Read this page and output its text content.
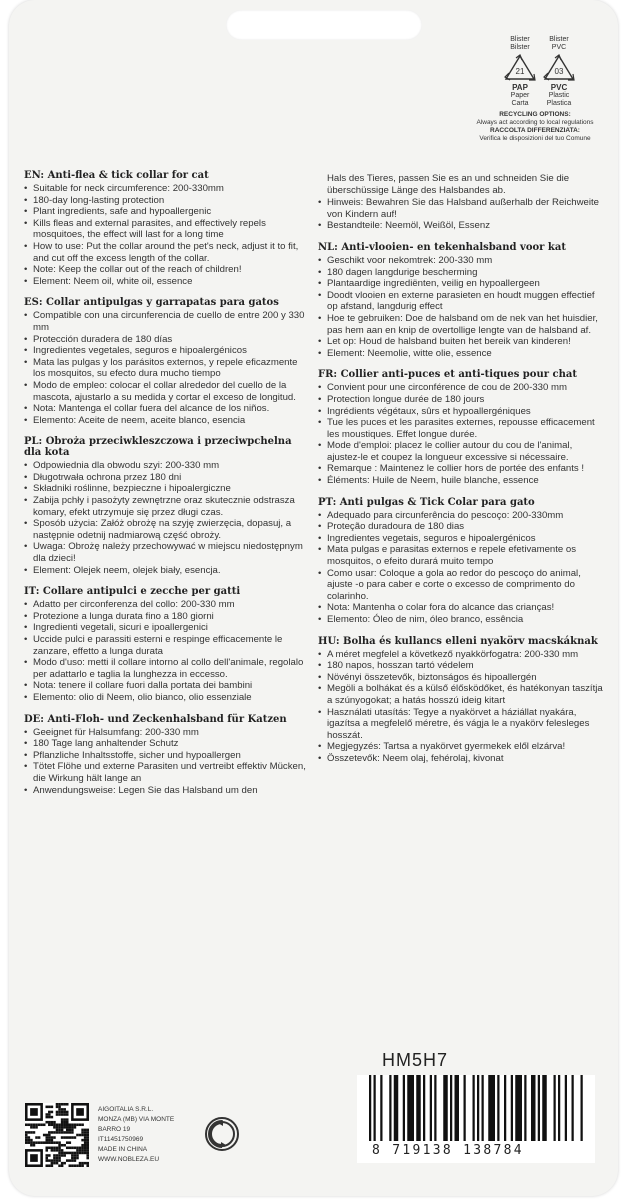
Blister
Bilster
21
PAP
Paper
Carta
Blister
PVC
03
PVC
Plastic
Plastica
RECYCLING OPTIONS:
Always act according to local regulations
RACCOLTA DIFFERENZIATA:
Verifica le disposizioni del tuo Comune
EN: Anti-flea & tick collar for cat
• Suitable for neck circumference: 200-330mm
• 180-day long-lasting protection
• Plant ingredients, safe and hypoallergenic
• Kills fleas and external parasites, and effectively repels mosquitoes, the effect will last for a long time
• How to use: Put the collar around the pet's neck, adjust it to fit, and cut off the excess length of the collar.
• Note: Keep the collar out of the reach of children!
• Element: Neem oil, white oil, essence
ES: Collar antipulgas y garrapatas para gatos
• Compatible con una circunferencia de cuello de entre 200 y 330 mm
• Protección duradera de 180 días
• Ingredientes vegetales, seguros e hipoalergénicos
• Mata las pulgas y los parásitos externos, y repele eficazmente los mosquitos, su efecto dura mucho tiempo
• Modo de empleo: colocar el collar alrededor del cuello de la mascota, ajustarlo a su medida y cortar el exceso de longitud.
• Nota: Mantenga el collar fuera del alcance de los niños.
• Elemento: Aceite de neem, aceite blanco, esencia
PL: Obroża przeciwkleszczowa i przeciwpchelna dla kota
• Odpowiednia dla obwodu szyi: 200-330 mm
• Długotrwała ochrona przez 180 dni
• Składniki roślinne, bezpieczne i hipoalergiczne
• Zabija pchły i pasożyty zewnętrzne oraz skutecznie odstrasza komary, efekt utrzymuje się przez długi czas.
• Sposób użycia: Załóż obrożę na szyję zwierzęcia, dopasuj, a następnie odetnij nadmiarową część obroży.
• Uwaga: Obrożę należy przechowywać w miejscu niedostępnym dla dzieci!
• Element: Olejek neem, olejek biały, esencja.
IT: Collare antipulci e zecche per gatti
• Adatto per circonferenza del collo: 200-330 mm
• Protezione a lunga durata fino a 180 giorni
• Ingredienti vegetali, sicuri e ipoallergenici
• Uccide pulci e parassiti esterni e respinge efficacemente le zanzare, effetto a lunga durata
• Modo d'uso: metti il collare intorno al collo dell'animale, regolalo per adattarlo e taglia la lunghezza in eccesso.
• Nota: tenere il collare fuori dalla portata dei bambini
• Elemento: olio di Neem, olio bianco, olio essenziale
DE: Anti-Floh- und Zeckenhalsband für Katzen
• Geeignet für Halsumfang: 200-330 mm
• 180 Tage lang anhaltender Schutz
• Pflanzliche Inhaltsstoffe, sicher und hypoallergen
• Tötet Flöhe und externe Parasiten und vertreibt effektiv Mücken, die Wirkung hält lange an
• Anwendungsweise: Legen Sie das Halsband um den
Hals des Tieres, passen Sie es an und schneiden Sie die überschüssige Länge des Halsbandes ab.
• Hinweis: Bewahren Sie das Halsband außerhalb der Reichweite von Kindern auf!
• Bestandteile: Neemöl, Weißöl, Essenz
NL: Anti-vlooien- en tekenhalsband voor kat
• Geschikt voor nekomtrek: 200-330 mm
• 180 dagen langdurige bescherming
• Plantaardige ingrediënten, veilig en hypoallergeen
• Doodt vlooien en externe parasieten en houdt muggen effectief op afstand, langdurig effect
• Hoe te gebruiken: Doe de halsband om de nek van het huisdier, pas hem aan en knip de overtollige lengte van de halsband af.
• Let op: Houd de halsband buiten het bereik van kinderen!
• Element: Neemolie, witte olie, essence
FR: Collier anti-puces et anti-tiques pour chat
• Convient pour une circonférence de cou de 200-330 mm
• Protection longue durée de 180 jours
• Ingrédients végétaux, sûrs et hypoallergéniques
• Tue les puces et les parasites externes, repousse efficacement les moustiques. Effet longue durée.
• Mode d'emploi: placez le collier autour du cou de l'animal, ajustez-le et coupez la longueur excessive si nécessaire.
• Remarque : Maintenez le collier hors de portée des enfants !
• Éléments: Huile de Neem, huile blanche, essence
PT: Anti pulgas & Tick Colar para gato
• Adequado para circunferência do pescoço: 200-330mm
• Proteção duradoura de 180 dias
• Ingredientes vegetais, seguros e hipoalergénicos
• Mata pulgas e parasitas externos e repele efetivamente os mosquitos, o efeito durará muito tempo
• Como usar: Coloque a gola ao redor do pescoço do animal, ajuste -o para caber e corte o excesso de comprimento do colarinho.
• Nota: Mantenha o colar fora do alcance das crianças!
• Elemento: Óleo de nim, óleo branco, essência
HU: Bolha és kullancs elleni nyakörv macskáknak
• A méret megfelel a következő nyakkörfogatra: 200-330 mm
• 180 napos, hosszan tartó védelem
• Növényi összetevők, biztonságos és hipoallergén
• Megöli a bolhákat és a külső élősködőket, és hatékonyan taszítja a szúnyogokat; a hatás hosszú ideig kitart
• Használati utasítás: Tegye a nyakörvet a háziállat nyakára, igazítsa a megfelelő méretre, és vágja le a nyakörv felesleges hosszát.
• Megjegyzés: Tartsa a nyakörvet gyermekek elől elzárva!
• Összetevők: Neem olaj, fehérolaj, kivonat
HM5H7
8 719138 138784
AIGOITALIA S.R.L.
MONZA (MB) VIA MONTE
BARRO 19
IT11451750969
MADE IN CHINA
WWW.NOBLEZA.EU
